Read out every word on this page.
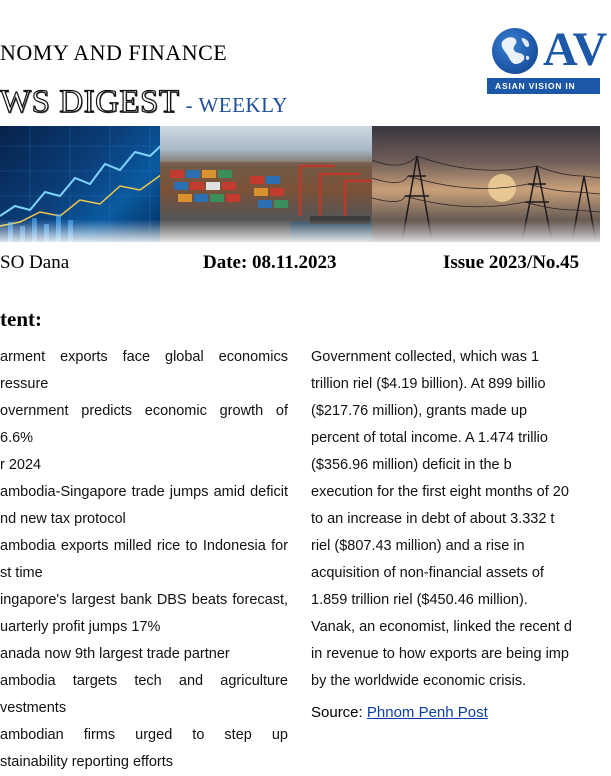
NOMY AND FINANCE
WS DIGEST - WEEKLY
AV
ASIAN VISION IN
SO Dana	Date: 08.11.2023	Issue 2023/No.45
tent:
arment exports face global economics
ressure
overnment predicts economic growth of 6.6%
r 2024
ambodia-Singapore trade jumps amid deficit
nd new tax protocol
ambodia exports milled rice to Indonesia for
st time
ingapore's largest bank DBS beats forecast,
uarterly profit jumps 17%
anada now 9th largest trade partner
ambodia targets tech and agriculture
vestments
ambodian firms urged to step up
stainability reporting efforts

Government collected, which was 1

trillion riel ($4.19 billion). At 899 billio

($217.76 million), grants made up

percent of total income. A 1.474 trillio

($356.96 million) deficit in the b

execution for the first eight months of 20

to an increase in debt of about 3.332 t

riel ($807.43 million) and a rise in

acquisition of non-financial assets of

1.859 trillion riel ($450.46 million).

Vanak, an economist, linked the recent d

in revenue to how exports are being imp

by the worldwide economic crisis.

Source: Phnom Penh Post
